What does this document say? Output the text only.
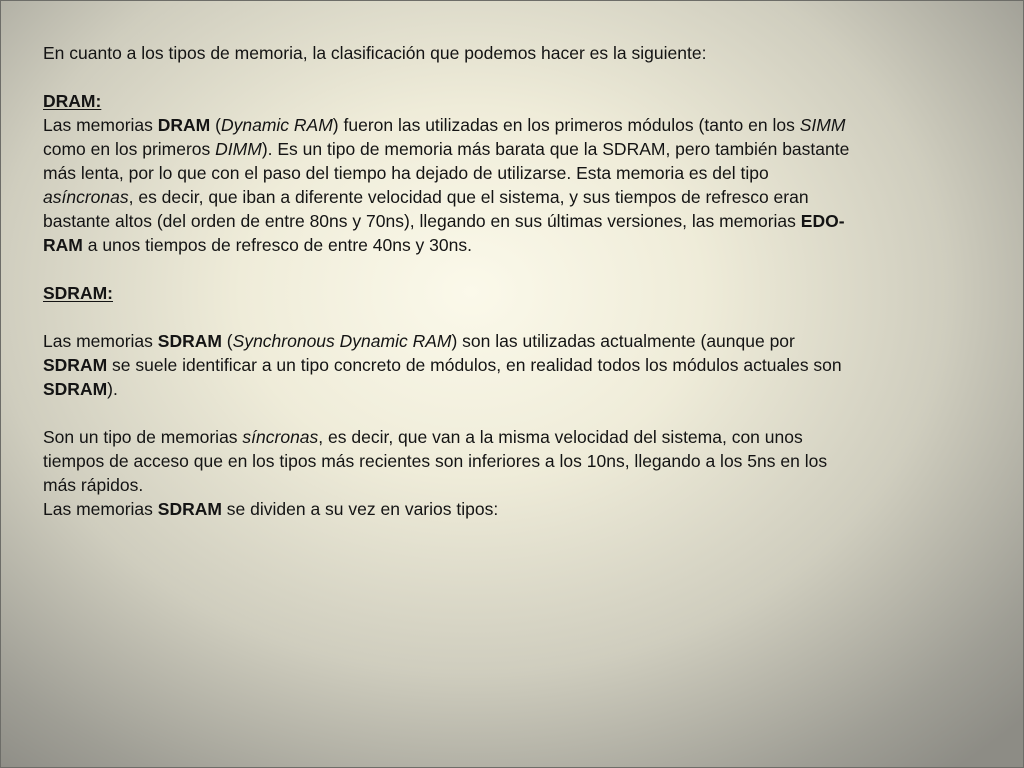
En cuanto a los tipos de memoria, la clasificación que podemos hacer es la siguiente:
DRAM:
Las memorias DRAM (Dynamic RAM) fueron las utilizadas en los primeros módulos (tanto en los SIMM
como en los primeros DIMM). Es un tipo de memoria más barata que la SDRAM, pero también bastante
más lenta, por lo que con el paso del tiempo ha dejado de utilizarse. Esta memoria es del tipo
asíncronas, es decir, que iban a diferente velocidad que el sistema, y sus tiempos de refresco eran
bastante altos (del orden de entre 80ns y 70ns), llegando en sus últimas versiones, las memorias EDO-
RAM a unos tiempos de refresco de entre 40ns y 30ns.
SDRAM:
Las memorias SDRAM (Synchronous Dynamic RAM) son las utilizadas actualmente (aunque por
SDRAM se suele identificar a un tipo concreto de módulos, en realidad todos los módulos actuales son
SDRAM).
Son un tipo de memorias síncronas, es decir, que van a la misma velocidad del sistema, con unos
tiempos de acceso que en los tipos más recientes son inferiores a los 10ns, llegando a los 5ns en los
más rápidos.
Las memorias SDRAM se dividen a su vez en varios tipos:
